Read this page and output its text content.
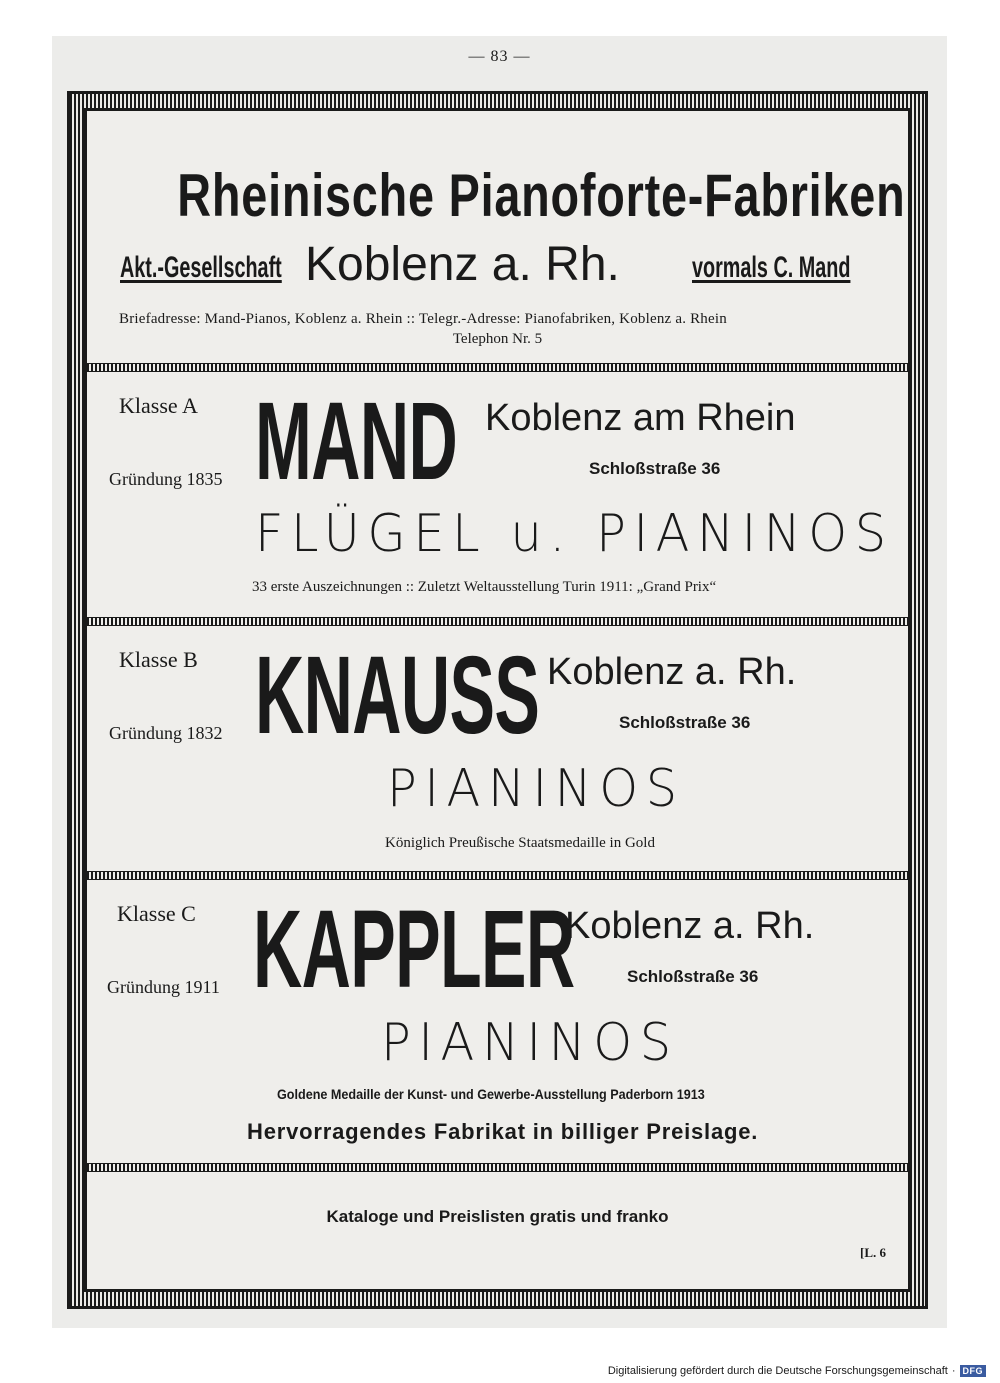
— 83 —
Rheinische Pianoforte-Fabriken
Akt.-Gesellschaft Koblenz a. Rh. vormals C. Mand
Briefadresse: Mand-Pianos, Koblenz a. Rhein :: Telegr.-Adresse: Pianofabriken, Koblenz a. Rhein
Telephon Nr. 5
Klasse A
Gründung 1835 MAND Koblenz am Rhein
Schloßstraße 36
FLÜGEL u. PIANINOS
33 erste Auszeichnungen :: Zuletzt Weltausstellung Turin 1911: „Grand Prix“
Klasse B
Gründung 1832 KNAUSS Koblenz a. Rh.
Schloßstraße 36
PIANINOS
Königlich Preußische Staatsmedaille in Gold
Klasse C
Gründung 1911 KAPPLER
Koblenz a. Rh.
Schloßstraße 36
PIANINOS
Goldene Medaille der Kunst- und Gewerbe-Ausstellung Paderborn 1913
Hervorragendes Fabrikat in billiger Preislage.
Kataloge und Preislisten gratis und franko
[L. 6
Digitalisierung gefördert durch die Deutsche Forschungsgemeinschaft · DFG
